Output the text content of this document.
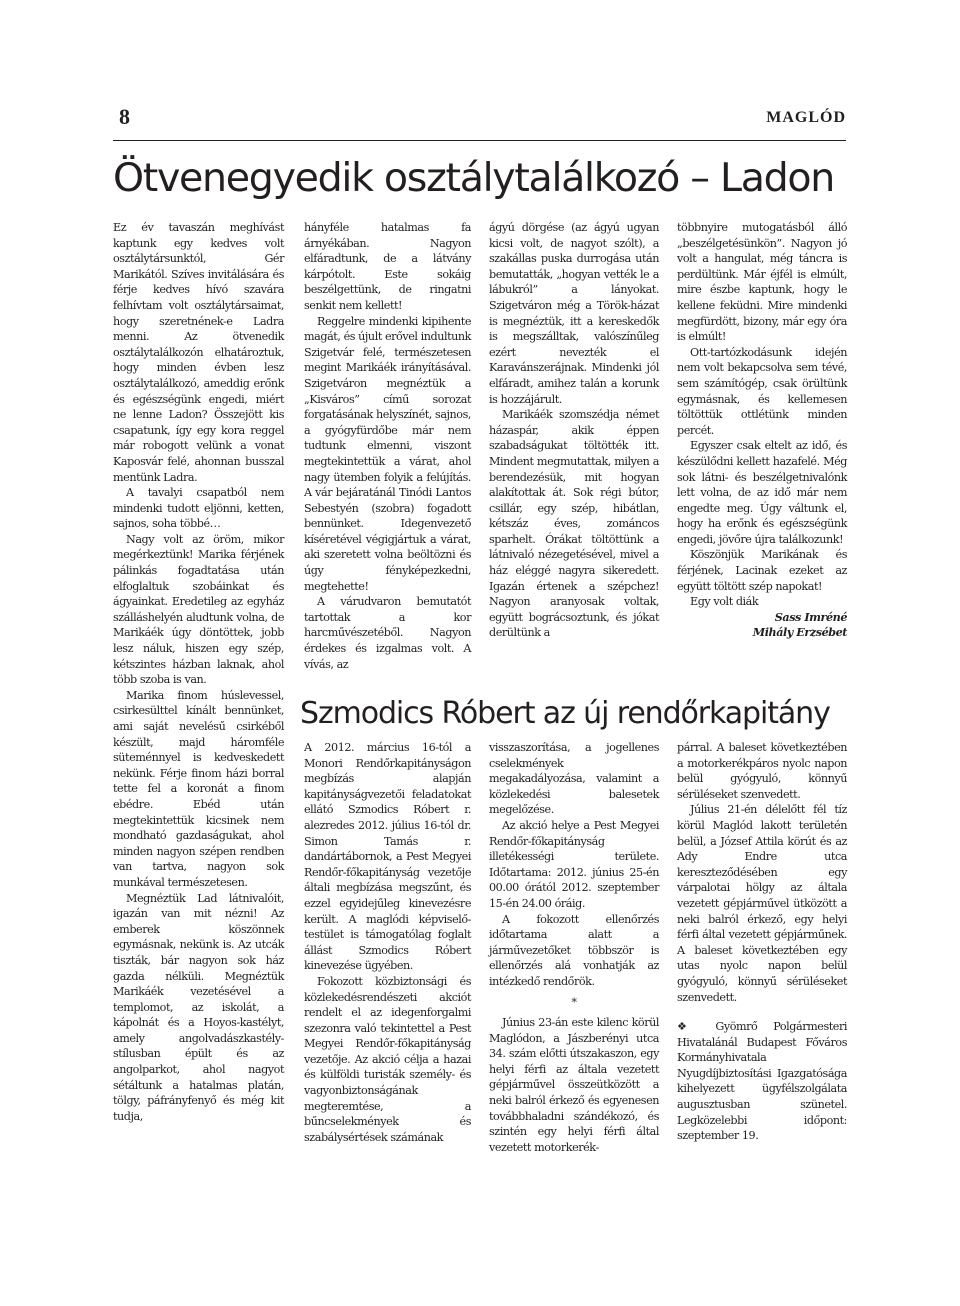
8	MAGLÓD
Ötvenegyedik osztálytalálkozó – Ladon

Ez év tavaszán meghívást kaptunk egy kedves volt osztálytársunktól, Gér Marikától. Szíves invitálására és férje kedves hívó szavára felhívtam volt osztálytársaimat, hogy szeretnének-e Ladra menni. Az ötvenedik osztálytalálkozón elhatároztuk, hogy minden évben lesz osztálytalálkozó, ameddig erőnk és egészségünk engedi, miért ne lenne Ladon? Összejött kis csapatunk, így egy kora reggel már robogott velünk a vonat Kaposvár felé, ahonnan busszal mentünk Ladra.

A tavalyi csapatból nem mindenki tudott eljönni, ketten, sajnos, soha többé…

Nagy volt az öröm, mikor megérkeztünk! Marika férjének pálinkás fogadtatása után elfoglaltuk szobáinkat és ágyainkat. Eredetileg az egyház szálláshelyén aludtunk volna, de Marikáék úgy döntöttek, jobb lesz náluk, hiszen egy szép, kétszintes házban laknak, ahol több szoba is van.

Marika finom húslevessel, csirkesülttel kínált bennünket, ami saját nevelésű csirkéből készült, majd háromféle süteménnyel is kedveskedett nekünk. Férje finom házi borral tette fel a koronát a finom ebédre. Ebéd után megtekintettük kicsinek nem mondható gazdaságukat, ahol minden nagyon szépen rendben van tartva, nagyon sok munkával természetesen.

Megnéztük Lad látnivalóit, igazán van mit nézni! Az emberek köszönnek egymásnak, nekünk is. Az utcák tiszták, bár nagyon sok ház gazda nélküli. Megnéztük Marikáék vezetésével a templomot, az iskolát, a kápolnát és a Hoyos-kastélyt, amely angolvadászkastély-stílusban épült és az angolparkot, ahol nagyot sétáltunk a hatalmas platán, tölgy, páfrányfenyő és még kit tudja,

hányféle hatalmas fa árnyékában. Nagyon elfáradtunk, de a látvány kárpótolt. Este sokáig beszélgettünk, de ringatni senkit nem kellett!

Reggelre mindenki kipihente magát, és újult erővel indultunk Szigetvár felé, természetesen megint Marikáék irányításával. Szigetváron megnéztük a „Kisváros” című sorozat forgatásának helyszínét, sajnos, a gyógyfürdőbe már nem tudtunk elmenni, viszont megtekintettük a várat, ahol nagy ütemben folyik a felújítás. A vár bejáratánál Tinódi Lantos Sebestyén (szobra) fogadott bennünket. Idegenvezető kíséretével végigjártuk a várat, aki szeretett volna beöltözni és úgy fényképezkedni, megtehette!

A várudvaron bemutatót tartottak a kor harcművészetéből. Nagyon érdekes és izgalmas volt. A vívás, az

ágyú dörgése (az ágyú ugyan kicsi volt, de nagyot szólt), a szakállas puska durrogása után bemutatták, „hogyan vették le a lábukról” a lányokat. Szigetváron még a Török-házat is megnéztük, itt a kereskedők is megszálltak, valószínűleg ezért nevezték el Karavánszerájnak. Mindenki jól elfáradt, amihez talán a korunk is hozzájárult.

Marikáék szomszédja német házaspár, akik éppen szabadságukat töltötték itt. Mindent megmutattak, milyen a berendezésük, mit hogyan alakítottak át. Sok régi bútor, csillár, egy szép, hibátlan, kétszáz éves, zománcos sparhelt. Órákat töltöttünk a látnivaló nézegetésével, mivel a ház eléggé nagyra sikeredett. Igazán értenek a szépchez! Nagyon aranyosak voltak, együtt bográcsoztunk, és jókat derültünk a

többnyire mutogatásból álló „beszélgetésünkön”. Nagyon jó volt a hangulat, még táncra is perdültünk. Már éjfél is elmúlt, mire észbe kaptunk, hogy le kellene feküdni. Mire mindenki megfürdött, bizony, már egy óra is elmúlt!

Ott-tartózkodásunk idején nem volt bekapcsolva sem tévé, sem számítógép, csak örültünk egymásnak, és kellemesen töltöttük ottlétünk minden percét.

Egyszer csak eltelt az idő, és készülődni kellett hazafelé. Még sok látni- és beszélgetnivalónk lett volna, de az idő már nem engedte meg. Úgy váltunk el, hogy ha erőnk és egészségünk engedi, jövőre újra találkozunk!

Köszönjük Marikának és férjének, Lacinak ezeket az együtt töltött szép napokat!

Egy volt diák

Sass Imréné

Mihály Erzsébet

Szmodics Róbert az új rendőrkapitány

A 2012. március 16-tól a Monori Rendőrkapitányságon megbízás alapján kapitányságvezetői feladatokat ellátó Szmodics Róbert r. alezredes 2012. július 16-tól dr. Simon Tamás r. dandártábornok, a Pest Megyei Rendőr-főkapitányság vezetője általi megbízása megszűnt, és ezzel egyidejűleg kinevezésre került. A maglódi képviselő-testület is támogatólag foglalt állást Szmodics Róbert kinevezése ügyében.

Fokozott közbiztonsági és közlekedésrendészeti akciót rendelt el az idegenforgalmi szezonra való tekintettel a Pest Megyei Rendőr-főkapitányság vezetője. Az akció célja a hazai és külföldi turisták személy- és vagyonbiztonságának megteremtése, a bűncselekmények és szabálysértések számának

visszaszorítása, a jogellenes cselekmények megakadályozása, valamint a közlekedési balesetek megelőzése.

Az akció helye a Pest Megyei Rendőr-főkapitányság illetékességi területe. Időtartama: 2012. június 25-én 00.00 órától 2012. szeptember 15-én 24.00 óráig.

A fokozott ellenőrzés időtartama alatt a járművezetőket többször is ellenőrzés alá vonhatják az intézkedő rendőrök.

*

Június 23-án este kilenc körül Maglódon, a Jászberényi utca 34. szám előtti útszakaszon, egy helyi férfi az általa vezetett gépjárművel összeütközött a neki balról érkező és egyenesen továbbhaladni szándékozó, és szintén egy helyi férfi által vezetett motorkerék-

párral. A baleset következtében a motorkerékpáros nyolc napon belül gyógyuló, könnyű sérüléseket szenvedett.

Július 21-én délelőtt fél tíz körül Maglód lakott területén belül, a József Attila körút és az Ady Endre utca kereszteződésében egy várpalotai hölgy az általa vezetett gépjárművel ütközött a neki balról érkező, egy helyi férfi által vezetett gépjárműnek. A baleset következtében egy utas nyolc napon belül gyógyuló, könnyű sérüléseket szenvedett.

❖ Gyömrő Polgármesteri Hivatalánál Budapest Főváros Kormányhivatala Nyugdíjbiztosítási Igazgatósága kihelyezett ügyfélszolgálata augusztusban szünetel. Legközelebbi időpont: szeptember 19.
